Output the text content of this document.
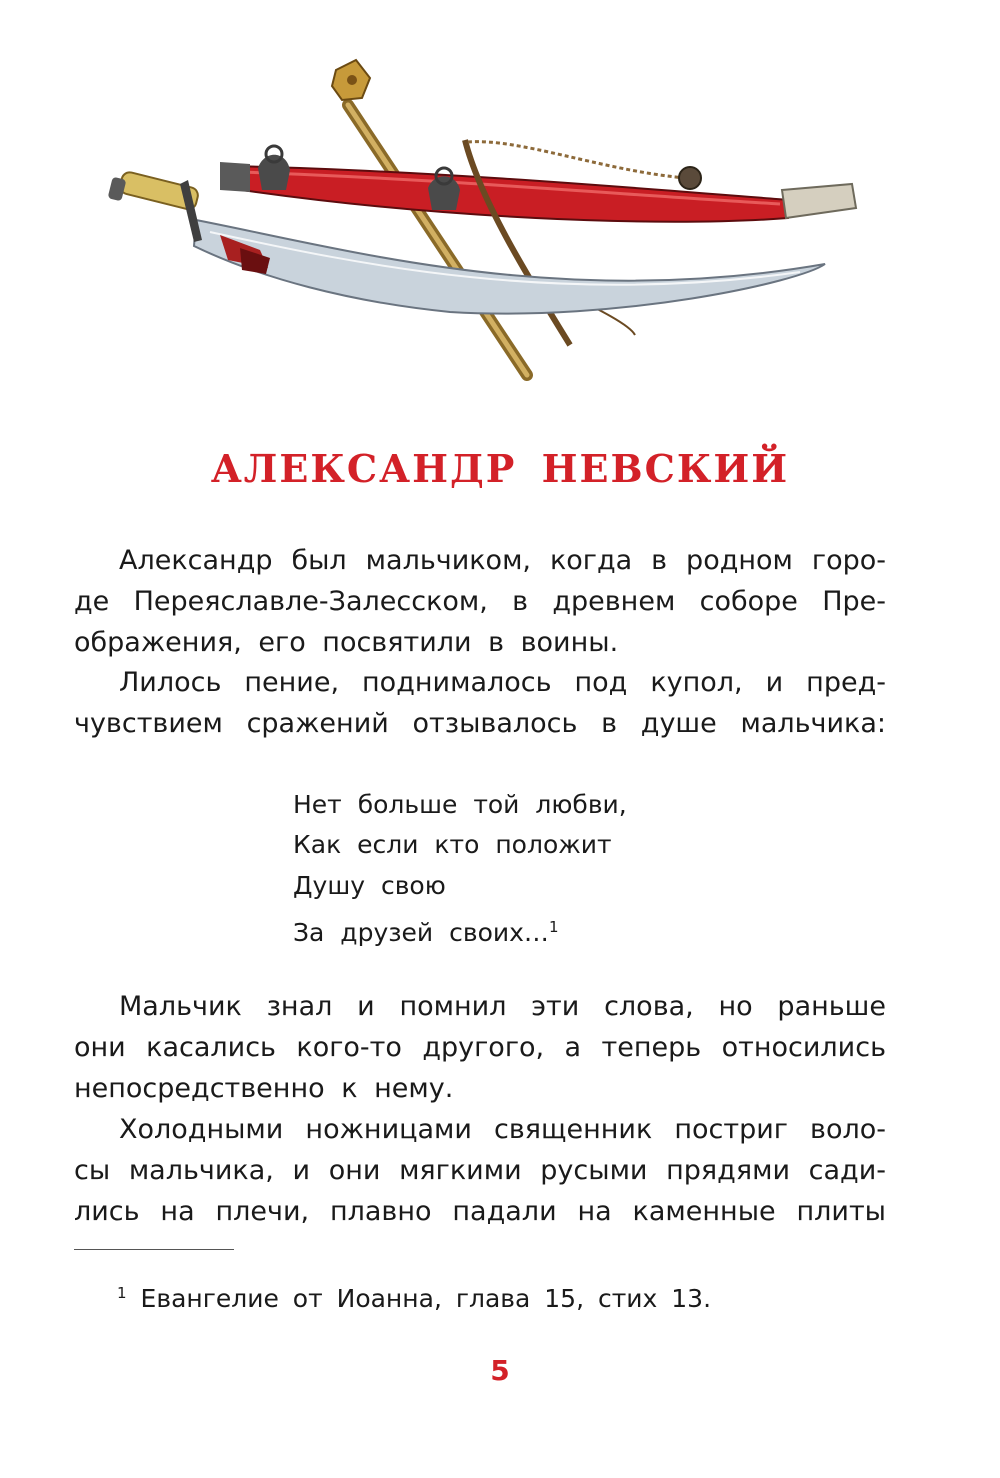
АЛЕКСАНДР НЕВСКИЙ
Александр был мальчиком, когда в родном горо-
де Переяславле-Залесском, в древнем соборе Пре-
ображения, его посвятили в воины.
Лилось пение, поднималось под купол, и пред-
чувствием сражений отзывалось в душе мальчика:
Нет больше той любви,
Как если кто положит
Душу свою
За друзей своих…$^1$
Мальчик знал и помнил эти слова, но раньше
они касались кого-то другого, а теперь относились
непосредственно к нему.
Холодными ножницами священник постриг воло-
сы мальчика, и они мягкими русыми прядями сади-
лись на плечи, плавно падали на каменные плиты
$^1$ Евангелие от Иоанна, глава 15, стих 13.
5
